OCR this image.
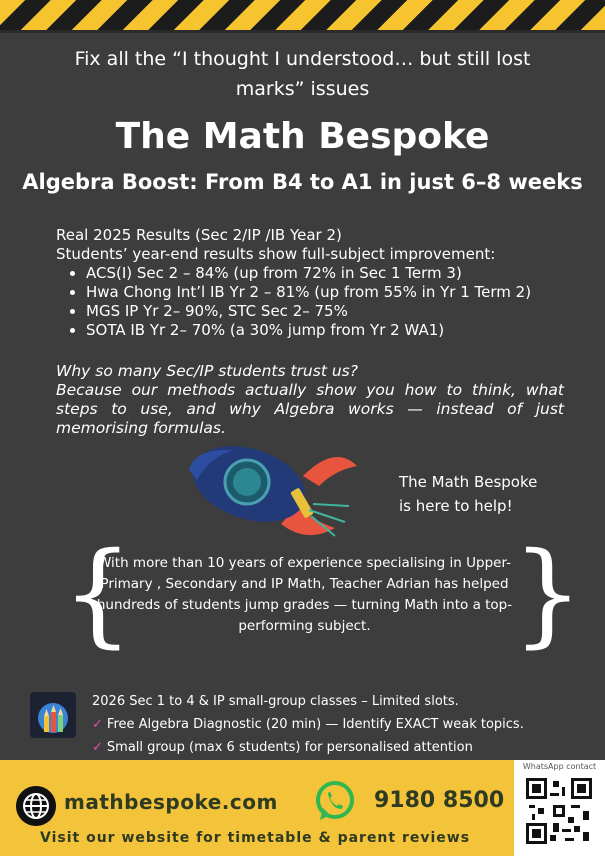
Fix all the “I thought I understood… but still lost
marks” issues
The Math Bespoke
Algebra Boost: From B4 to A1 in just 6–8 weeks
Real 2025 Results (Sec 2/IP /IB Year 2)
Students’ year-end results show full-subject improvement:
• ACS(I) Sec 2 – 84% (up from 72% in Sec 1 Term 3)
• Hwa Chong Int’l IB Yr 2 – 81% (up from 55% in Yr 1 Term 2)
• MGS IP Yr 2– 90%, STC Sec 2– 75%
• SOTA IB Yr 2– 70% (a 30% jump from Yr 2 WA1)
Why so many Sec/IP students trust us?
Because our methods actually show you how to think, what steps to use, and why Algebra works — instead of just memorising formulas.
The Math Bespoke
is here to help!
{	}
With more than 10 years of experience specialising in Upper-Primary , Secondary and IP Math, Teacher Adrian has helped hundreds of students jump grades — turning Math into a top-performing subject.
2026 Sec 1 to 4 & IP small-group classes – Limited slots.
✓ Free Algebra Diagnostic (20 min) — Identify EXACT weak topics.
✓ Small group (max 6 students) for personalised attention
mathbespoke.com	9180 8500
Visit our website for timetable & parent reviews
WhatsApp contact
